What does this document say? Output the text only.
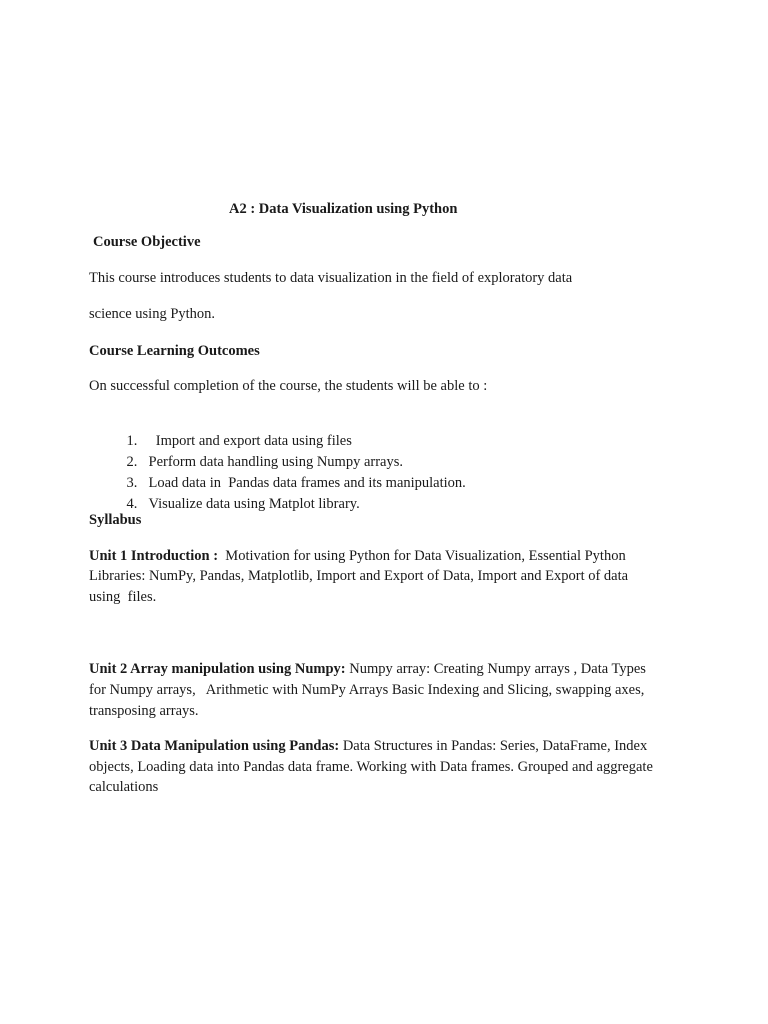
A2 : Data Visualization using Python
Course Objective
This course introduces students to data visualization in the field of exploratory data
science using Python.
Course Learning Outcomes
On successful completion of the course, the students will be able to :

1.  Import and export data using files

2. Perform data handling using Numpy arrays.

3. Load data in  Pandas data frames and its manipulation.

4. Visualize data using Matplot library.

Syllabus
Unit 1 Introduction :  Motivation for using Python for Data Visualization, Essential Python
Libraries: NumPy, Pandas, Matplotlib, Import and Export of Data, Import and Export of data
using  files.
Unit 2 Array manipulation using Numpy: Numpy array: Creating Numpy arrays , Data Types
for Numpy arrays,   Arithmetic with NumPy Arrays Basic Indexing and Slicing, swapping axes,
transposing arrays.
Unit 3 Data Manipulation using Pandas: Data Structures in Pandas: Series, DataFrame, Index
objects, Loading data into Pandas data frame. Working with Data frames. Grouped and aggregate
calculations
